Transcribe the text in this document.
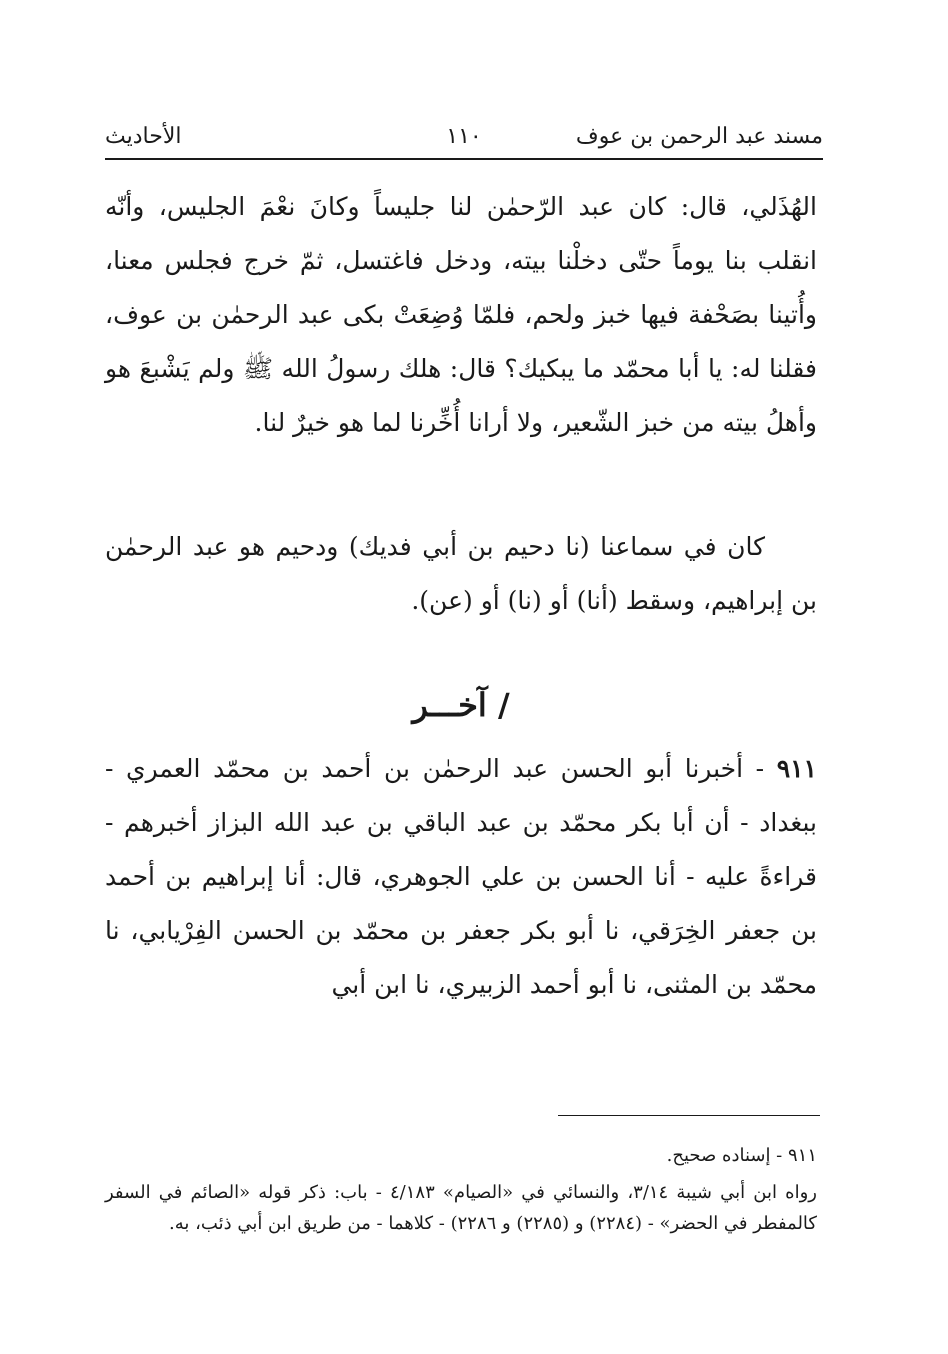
مسند عبد الرحمن بن عوف
١١٠
الأحاديث

الهُذَلي، قال: كان عبد الرّحمٰن لنا جليساً وكانَ نعْمَ الجليس، وأنّه انقلب بنا يوماً حتّى دخلْنا بيته، ودخل فاغتسل، ثمّ خرج فجلس معنا، وأُتينا بصَحْفة فيها خبز ولحم، فلمّا وُضِعَتْ بكى عبد الرحمٰن بن عوف، فقلنا له: يا أبا محمّد ما يبكيك؟ قال: هلك رسولُ الله ﷺ ولم يَشْبعَ هو وأهلُ بيته من خبز الشّعير، ولا أرانا أُخِّرنا لما هو خيرٌ لنا.

كان في سماعنا (نا دحيم بن أبي فديك) ودحيم هو عبد الرحمٰن بن إبراهيم، وسقط (أنا) أو (نا) أو (عن).

/ آخـــر

٩١١ - أخبرنا أبو الحسن عبد الرحمٰن بن أحمد بن محمّد العمري - ببغداد - أن أبا بكر محمّد بن عبد الباقي بن عبد الله البزاز أخبرهم - قراءةً عليه - أنا الحسن بن علي الجوهري، قال: أنا إبراهيم بن أحمد بن جعفر الخِرَقي، نا أبو بكر جعفر بن محمّد بن الحسن الفِرْيابي، نا محمّد بن المثنى، نا أبو أحمد الزبيري، نا ابن أبي

٩١١ - إسناده صحيح.

رواه ابن أبي شيبة ٣/١٤، والنسائي في «الصيام» ٤/١٨٣ - باب: ذكر قوله «الصائم في السفر كالمفطر في الحضر» - (٢٢٨٤) و (٢٢٨٥) و ٢٢٨٦) - كلاهما - من طريق ابن أبي ذئب، به.
